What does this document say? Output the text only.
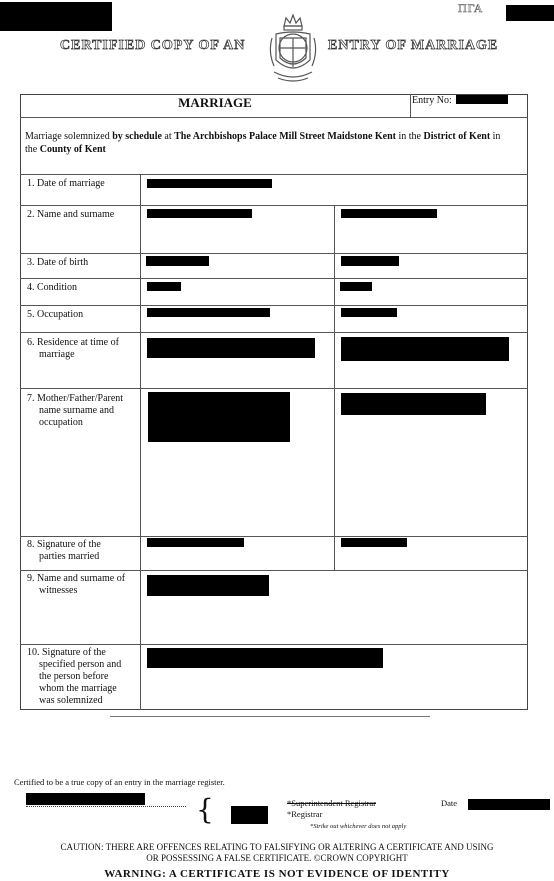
ΠΓΑ
CERTIFIED COPY OF AN	ENTRY OF MARRIAGE
MARRIAGE	Entry No:
Marriage solemnized by schedule at The Archbishops Palace Mill Street Maidstone Kent in the District of Kent in the County of Kent
1. Date of marriage
2. Name and surname
3. Date of birth
4. Condition
5. Occupation
6. Residence at time of
marriage
7. Mother/Father/Parent
name surname and
occupation
8. Signature of the
parties married
9. Name and surname of
witnesses
10. Signature of the
specified person and
the person before
whom the marriage
was solemnized
Certified to be a true copy of an entry in the marriage register.
{	*Superintendent Registrar
*Registrar
*Strike out whichever does not apply
Date
CAUTION: THERE ARE OFFENCES RELATING TO FALSIFYING OR ALTERING A CERTIFICATE AND USING
OR POSSESSING A FALSE CERTIFICATE. ©CROWN COPYRIGHT
WARNING: A CERTIFICATE IS NOT EVIDENCE OF IDENTITY
